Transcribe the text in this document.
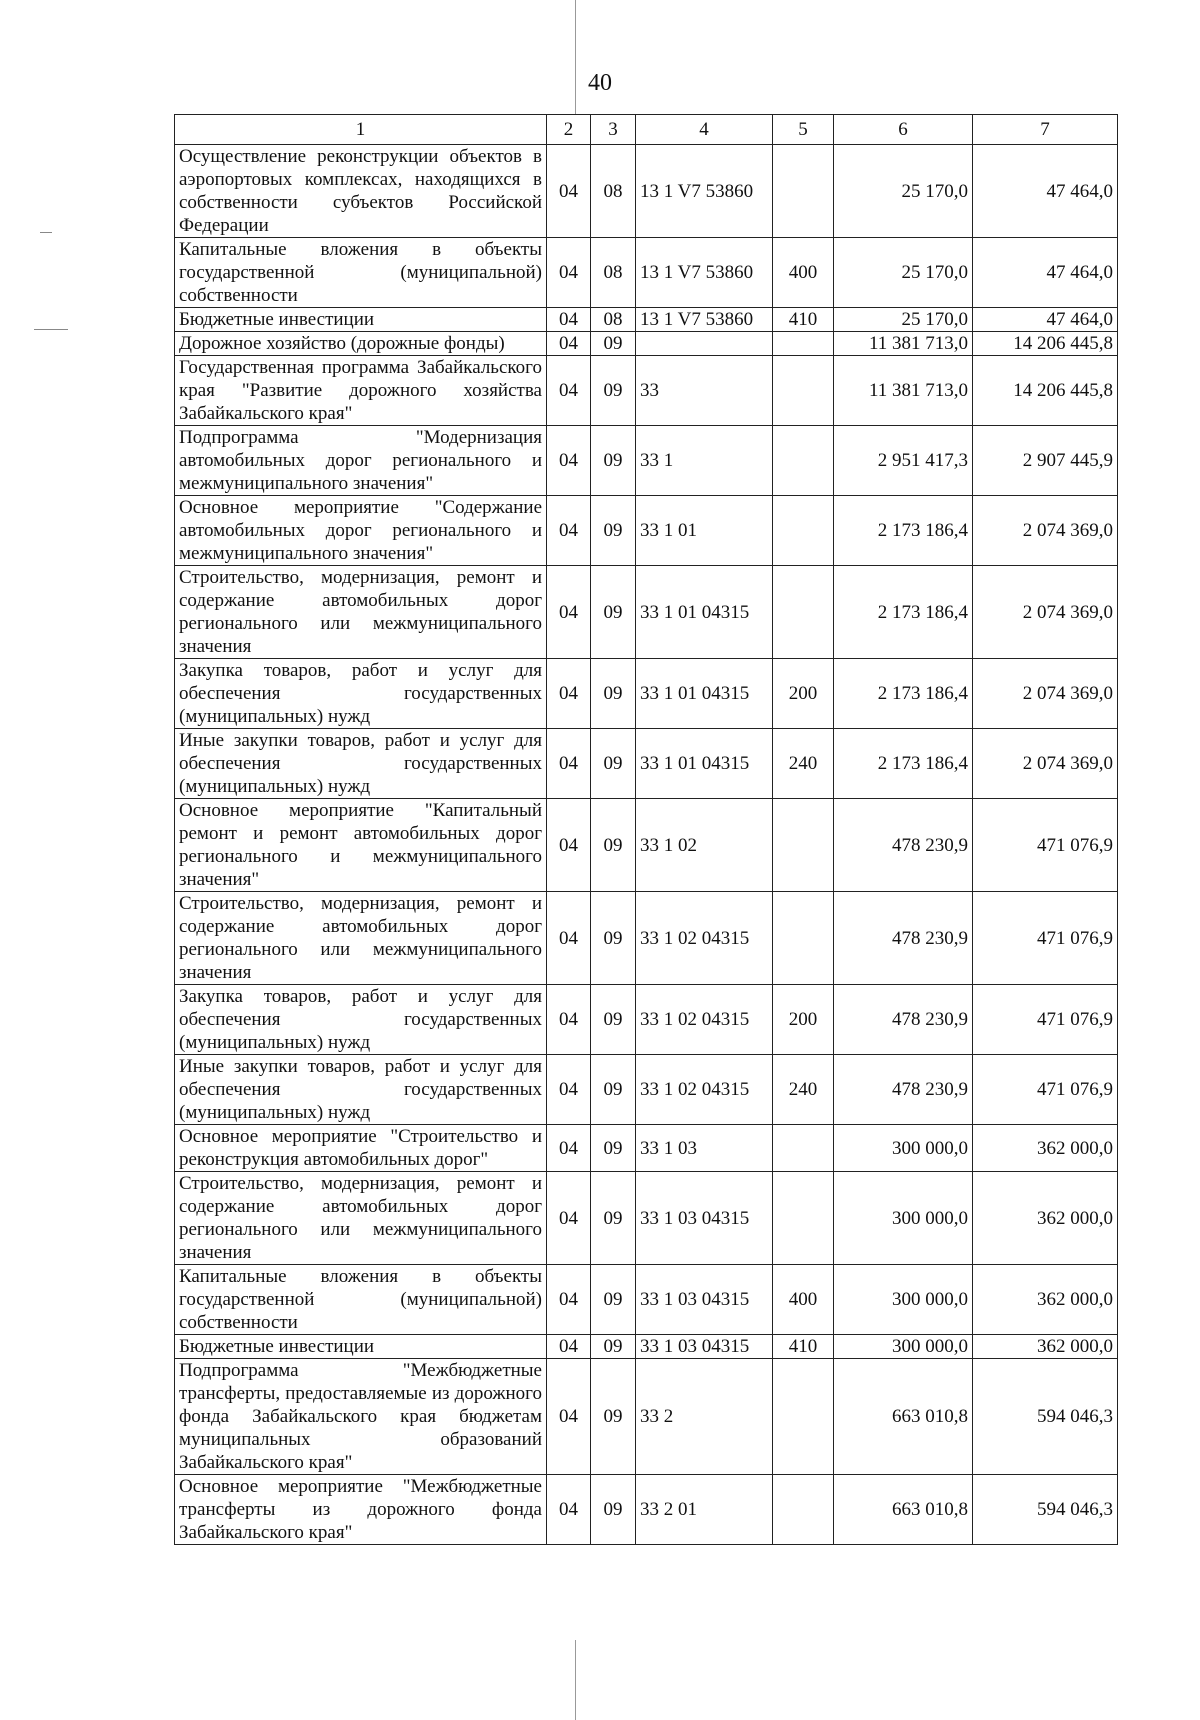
40
1	2	3	4	5	6	7
Осуществление реконструкции объектов в аэропортовых комплексах, находящихся в собственности субъектов Российской Федерации	04	08	13 1 V7 53860		25 170,0	47 464,0
Капитальные вложения в объекты государственной (муниципальной) собственности	04	08	13 1 V7 53860	400	25 170,0	47 464,0
Бюджетные инвестиции	04	08	13 1 V7 53860	410	25 170,0	47 464,0
Дорожное хозяйство (дорожные фонды)	04	09			11 381 713,0	14 206 445,8
Государственная программа Забайкальского края "Развитие дорожного хозяйства Забайкальского края"	04	09	33		11 381 713,0	14 206 445,8
Подпрограмма "Модернизация автомобильных дорог регионального и межмуниципального значения"	04	09	33 1		2 951 417,3	2 907 445,9
Основное мероприятие "Содержание автомобильных дорог регионального и межмуниципального значения"	04	09	33 1 01		2 173 186,4	2 074 369,0
Строительство, модернизация, ремонт и содержание автомобильных дорог регионального или межмуниципального значения	04	09	33 1 01 04315		2 173 186,4	2 074 369,0
Закупка товаров, работ и услуг для обеспечения государственных (муниципальных) нужд	04	09	33 1 01 04315	200	2 173 186,4	2 074 369,0
Иные закупки товаров, работ и услуг для обеспечения государственных (муниципальных) нужд	04	09	33 1 01 04315	240	2 173 186,4	2 074 369,0
Основное мероприятие "Капитальный ремонт и ремонт автомобильных дорог регионального и межмуниципального значения"	04	09	33 1 02		478 230,9	471 076,9
Строительство, модернизация, ремонт и содержание автомобильных дорог регионального или межмуниципального значения	04	09	33 1 02 04315		478 230,9	471 076,9
Закупка товаров, работ и услуг для обеспечения государственных (муниципальных) нужд	04	09	33 1 02 04315	200	478 230,9	471 076,9
Иные закупки товаров, работ и услуг для обеспечения государственных (муниципальных) нужд	04	09	33 1 02 04315	240	478 230,9	471 076,9
Основное мероприятие "Строительство и реконструкция автомобильных дорог"	04	09	33 1 03		300 000,0	362 000,0
Строительство, модернизация, ремонт и содержание автомобильных дорог регионального или межмуниципального значения	04	09	33 1 03 04315		300 000,0	362 000,0
Капитальные вложения в объекты государственной (муниципальной) собственности	04	09	33 1 03 04315	400	300 000,0	362 000,0
Бюджетные инвестиции	04	09	33 1 03 04315	410	300 000,0	362 000,0
Подпрограмма "Межбюджетные трансферты, предоставляемые из дорожного фонда Забайкальского края бюджетам муниципальных образований Забайкальского края"	04	09	33 2		663 010,8	594 046,3
Основное мероприятие "Межбюджетные трансферты из дорожного фонда Забайкальского края"	04	09	33 2 01		663 010,8	594 046,3
